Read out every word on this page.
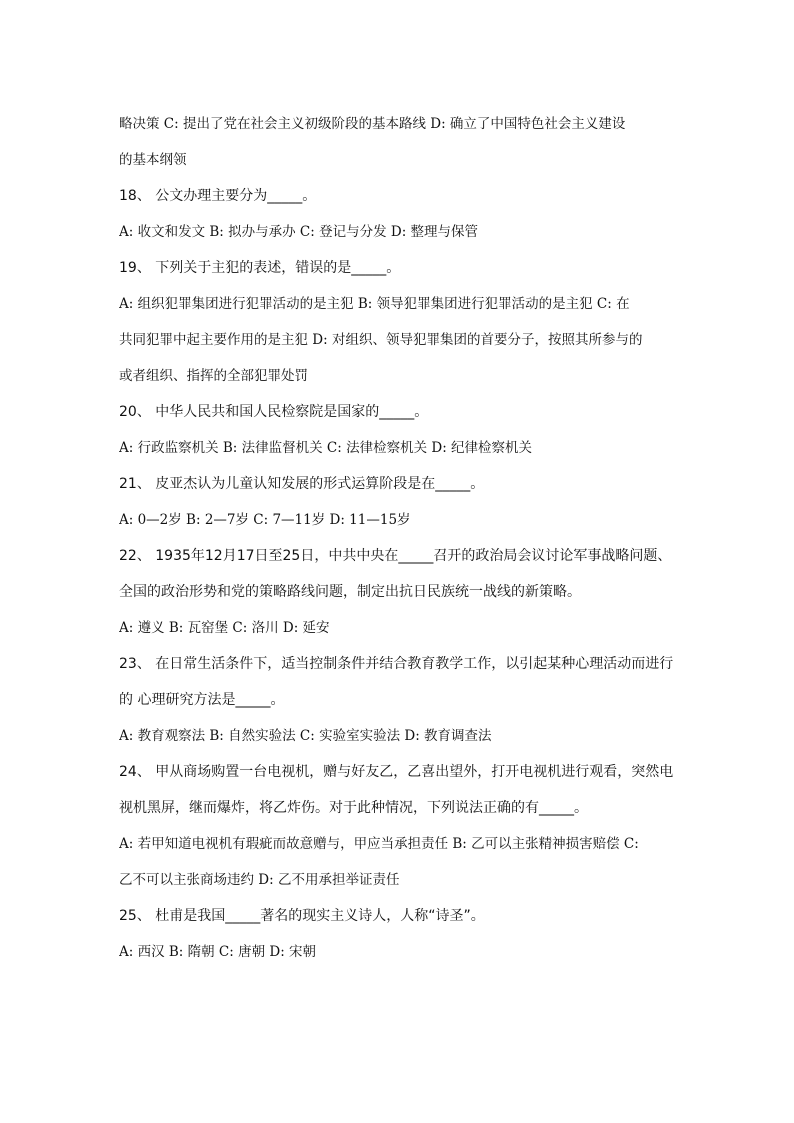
略决策 C: 提出了党在社会主义初级阶段的基本路线 D: 确立了中国特色社会主义建设
的基本纲领
18、 公文办理主要分为_____。
A: 收文和发文 B: 拟办与承办 C: 登记与分发 D: 整理与保管
19、 下列关于主犯的表述，错误的是_____。
A: 组织犯罪集团进行犯罪活动的是主犯 B: 领导犯罪集团进行犯罪活动的是主犯 C: 在
共同犯罪中起主要作用的是主犯 D: 对组织、领导犯罪集团的首要分子，按照其所参与的
或者组织、指挥的全部犯罪处罚
20、 中华人民共和国人民检察院是国家的_____。
A: 行政监察机关 B: 法律监督机关 C: 法律检察机关 D: 纪律检察机关
21、 皮亚杰认为儿童认知发展的形式运算阶段是在_____。
A: 0—2岁 B: 2—7岁 C: 7—11岁 D: 11—15岁
22、 1935年12月17日至25日，中共中央在_____召开的政治局会议讨论军事战略问题、
全国的政治形势和党的策略路线问题，制定出抗日民族统一战线的新策略。
A: 遵义 B: 瓦窑堡 C: 洛川 D: 延安
23、 在日常生活条件下，适当控制条件并结合教育教学工作，以引起某种心理活动而进行
的 心理研究方法是_____。
A: 教育观察法 B: 自然实验法 C: 实验室实验法 D: 教育调查法
24、 甲从商场购置一台电视机，赠与好友乙，乙喜出望外，打开电视机进行观看，突然电
视机黑屏，继而爆炸，将乙炸伤。对于此种情况，下列说法正确的有_____。
A: 若甲知道电视机有瑕疵而故意赠与，甲应当承担责任 B: 乙可以主张精神损害赔偿 C:
乙不可以主张商场违约 D: 乙不用承担举证责任
25、 杜甫是我国_____著名的现实主义诗人，人称“诗圣”。
A: 西汉 B: 隋朝 C: 唐朝 D: 宋朝
